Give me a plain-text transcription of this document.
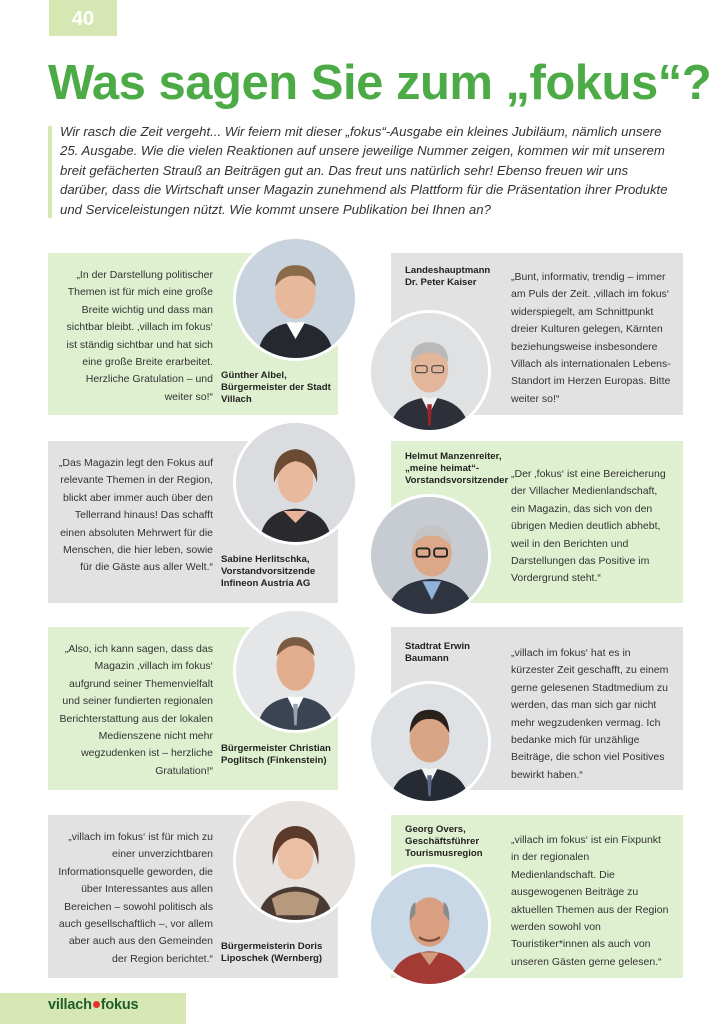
40
Was sagen Sie zum „fokus“?

Wir rasch die Zeit vergeht... Wir feiern mit dieser „fokus“-Ausgabe ein kleines Jubiläum, nämlich unsere 25. Ausgabe. Wie die vielen Reaktionen auf unsere jeweilige Nummer zeigen, kommen wir mit unserem breit gefächerten Strauß an Beiträgen gut an. Das freut uns natürlich sehr! Ebenso freuen wir uns darüber, dass die Wirtschaft unser Magazin zunehmend als Plattform für die Präsentation ihrer Produkte und Serviceleistungen nützt. Wie kommt unsere Publikation bei Ihnen an?

„In der Darstellung politischer Themen ist für mich eine große Breite wichtig und dass man sichtbar bleibt. ‚villach im fokus‘ ist ständig sichtbar und hat sich eine große Breite erarbeitet. Herzliche Gratulation – und weiter so!“

Günther Albel, Bürgermeister der Stadt Villach

Landeshauptmann Dr. Peter Kaiser	„Bunt, informativ, trendig – immer am Puls der Zeit. ‚villach im fokus‘ widerspiegelt, am Schnittpunkt dreier Kulturen gelegen, Kärnten beziehungsweise insbesondere Villach als internationalen Lebens-Standort im Herzen Europas. Bitte weiter so!“

„Das Magazin legt den Fokus auf relevante Themen in der Region, blickt aber immer auch über den Tellerrand hinaus! Das schafft einen absoluten Mehrwert für die Menschen, die hier leben, sowie für die Gäste aus aller Welt.“

Sabine Herlitschka, Vorstandvorsitzende Infineon Austria AG

Helmut Manzenreiter, „meine heimat“-Vorstandsvorsitzender

„Der ‚fokus‘ ist eine Bereicherung der Villacher Medienlandschaft, ein Magazin, das sich von den übrigen Medien deutlich abhebt, weil in den Berichten und Darstellungen das Positive im Vordergrund steht.“

„Also, ich kann sagen, dass das Magazin ‚villach im fokus‘ aufgrund seiner Themenvielfalt und seiner fundierten regionalen Berichterstattung aus der lokalen Medienszene nicht mehr wegzudenken ist – herzliche Gratulation!“

Bürgermeister Christian Poglitsch (Finkenstein)

Stadtrat Erwin Baumann	„villach im fokus‘ hat es in kürzester Zeit geschafft, zu einem gerne gelesenen Stadtmedium zu werden, das man sich gar nicht mehr wegzudenken vermag. Ich bedanke mich für unzählige Beiträge, die schon viel Positives bewirkt haben.“

„villach im fokus‘ ist für mich zu einer unverzichtbaren Informationsquelle geworden, die über Interessantes aus allen Bereichen – sowohl politisch als auch gesellschaftlich –, vor allem aber auch aus den Gemeinden der Region berichtet.“

Bürgermeisterin Doris Liposchek (Wernberg)

Georg Overs, Geschäftsführer Tourismusregion

„villach im fokus‘ ist ein Fixpunkt in der regionalen Medienlandschaft. Die ausgewogenen Beiträge zu aktuellen Themen aus der Region werden sowohl von Touristiker*innen als auch von unseren Gästen gerne gelesen.“

villach fokus
